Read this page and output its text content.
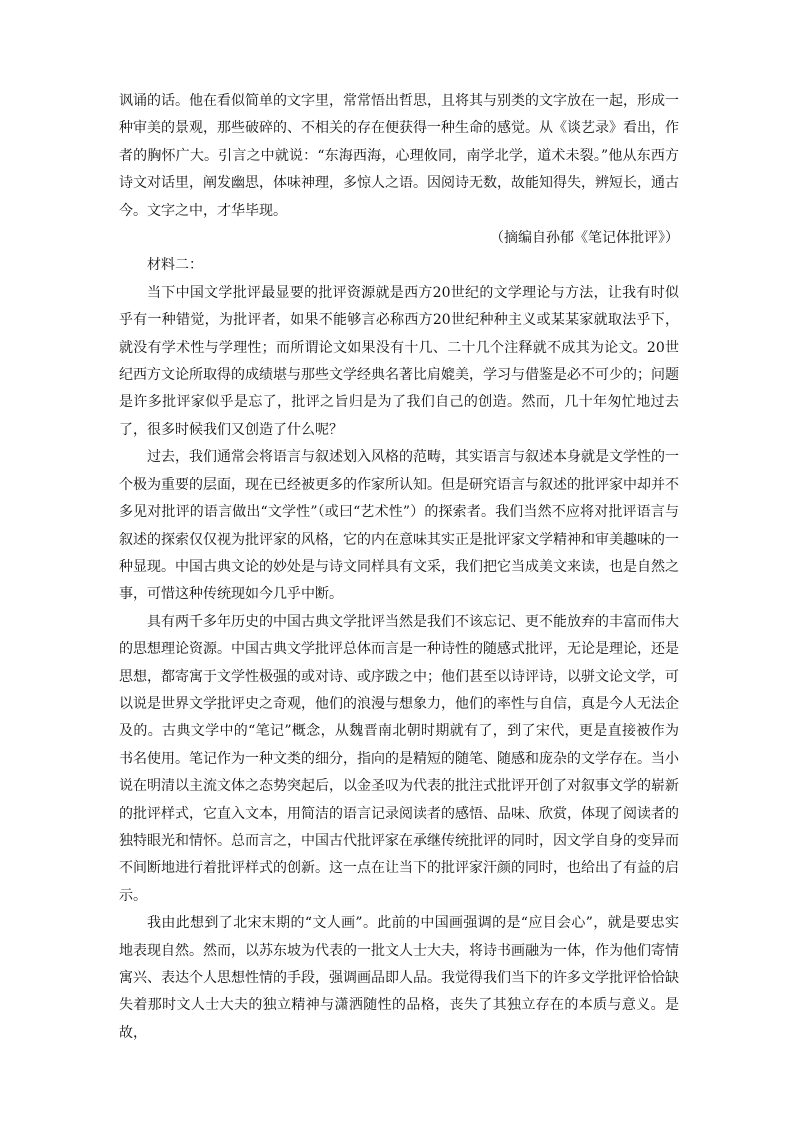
讽诵的话。他在看似简单的文字里，常常悟出哲思，且将其与别类的文字放在一起，形成一种审美的景观，那些破碎的、不相关的存在便获得一种生命的感觉。从《谈艺录》看出，作者的胸怀广大。引言之中就说：“东海西海，心理攸同，南学北学，道术未裂。”他从东西方诗文对话里，阐发幽思，体味神理，多惊人之语。因阅诗无数，故能知得失，辨短长，通古今。文字之中，才华毕现。

（摘编自孙郁《笔记体批评》）

材料二：

当下中国文学批评最显要的批评资源就是西方20世纪的文学理论与方法，让我有时似乎有一种错觉，为批评者，如果不能够言必称西方20世纪种种主义或某某家就取法乎下，就没有学术性与学理性；而所谓论文如果没有十几、二十几个注释就不成其为论文。20世纪西方文论所取得的成绩堪与那些文学经典名著比肩媲美，学习与借鉴是必不可少的；问题是许多批评家似乎是忘了，批评之旨归是为了我们自己的创造。然而，几十年匆忙地过去了，很多时候我们又创造了什么呢？

过去，我们通常会将语言与叙述划入风格的范畴，其实语言与叙述本身就是文学性的一个极为重要的层面，现在已经被更多的作家所认知。但是研究语言与叙述的批评家中却并不多见对批评的语言做出“文学性”（或曰“艺术性”）的探索者。我们当然不应将对批评语言与叙述的探索仅仅视为批评家的风格，它的内在意味其实正是批评家文学精神和审美趣味的一种显现。中国古典文论的妙处是与诗文同样具有文采，我们把它当成美文来读，也是自然之事，可惜这种传统现如今几乎中断。

具有两千多年历史的中国古典文学批评当然是我们不该忘记、更不能放弃的丰富而伟大的思想理论资源。中国古典文学批评总体而言是一种诗性的随感式批评，无论是理论，还是思想，都寄寓于文学性极强的或对诗、或序跋之中；他们甚至以诗评诗，以骈文论文学，可以说是世界文学批评史之奇观，他们的浪漫与想象力，他们的率性与自信，真是今人无法企及的。古典文学中的“笔记”概念，从魏晋南北朝时期就有了，到了宋代，更是直接被作为书名使用。笔记作为一种文类的细分，指向的是精短的随笔、随感和庞杂的文学存在。当小说在明清以主流文体之态势突起后，以金圣叹为代表的批注式批评开创了对叙事文学的崭新的批评样式，它直入文本，用简洁的语言记录阅读者的感悟、品味、欣赏，体现了阅读者的独特眼光和情怀。总而言之，中国古代批评家在承继传统批评的同时，因文学自身的变异而不间断地进行着批评样式的创新。这一点在让当下的批评家汗颜的同时，也给出了有益的启示。

我由此想到了北宋末期的“文人画”。此前的中国画强调的是“应目会心”，就是要忠实地表现自然。然而，以苏东坡为代表的一批文人士大夫，将诗书画融为一体，作为他们寄情寓兴、表达个人思想性情的手段，强调画品即人品。我觉得我们当下的许多文学批评恰恰缺失着那时文人士大夫的独立精神与潇洒随性的品格，丧失了其独立存在的本质与意义。是故，
